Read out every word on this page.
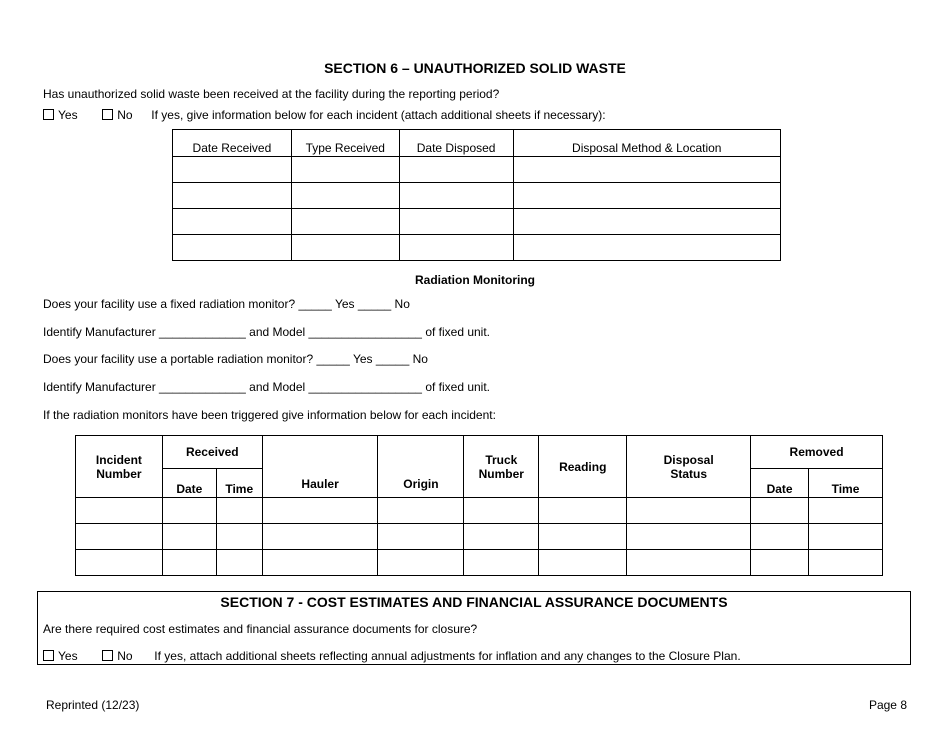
SECTION 6 – UNAUTHORIZED SOLID WASTE
Has unauthorized solid waste been received at the facility during the reporting period?
Yes	No If yes, give information below for each incident (attach additional sheets if necessary):
Date Received	Type Received	Date Disposed	Disposal Method & Location

Radiation Monitoring
Does your facility use a fixed radiation monitor? _____ Yes _____ No
Identify Manufacturer _____________ and Model _________________ of fixed unit.
Does your facility use a portable radiation monitor? _____ Yes _____ No
Identify Manufacturer _____________ and Model _________________ of fixed unit.
If the radiation monitors have been triggered give information below for each incident:
Incident Number	Received		Hauler	Origin	Truck Number	Reading	Disposal Status	Removed	
	Date	Time						Date	Time

SECTION 7 - COST ESTIMATES AND FINANCIAL ASSURANCE DOCUMENTS
Are there required cost estimates and financial assurance documents for closure?
Yes	No If yes, attach additional sheets reflecting annual adjustments for inflation and any changes to the Closure Plan.
Reprinted (12/23)	Page 8
